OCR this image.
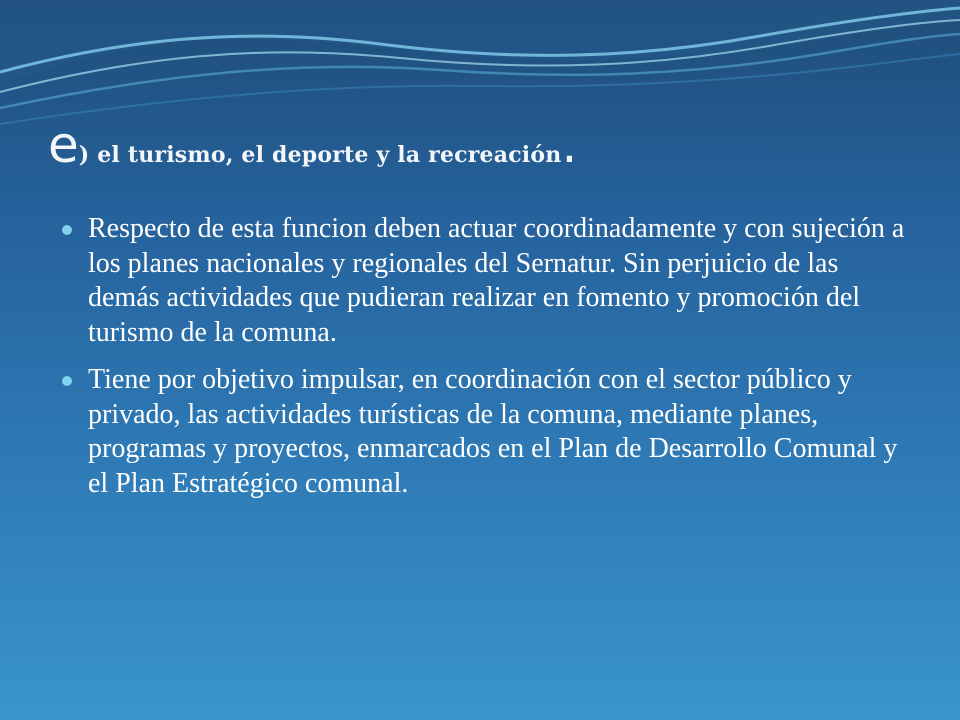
e) el turismo, el deporte y la recreación.
Respecto de esta funcion deben actuar coordinadamente y con sujeción a los planes nacionales y regionales del Sernatur. Sin perjuicio de las demás actividades que pudieran realizar en fomento y promoción del turismo de la comuna.
Tiene por objetivo impulsar, en coordinación con el sector público y privado, las actividades turísticas de la comuna, mediante planes, programas y proyectos, enmarcados en el Plan de Desarrollo Comunal y el Plan Estratégico comunal.
